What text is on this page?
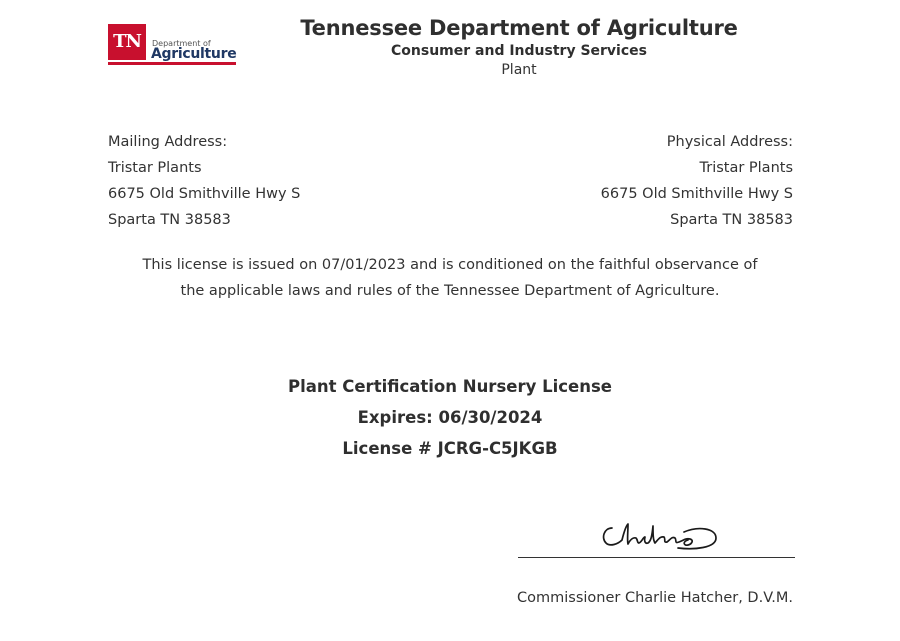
TN	Department of
Agriculture
Tennessee Department of Agriculture
Consumer and Industry Services
Plant
Mailing Address:
Tristar Plants
6675 Old Smithville Hwy S
Sparta TN 38583
Physical Address:
Tristar Plants
6675 Old Smithville Hwy S
Sparta TN 38583
This license is issued on 07/01/2023 and is conditioned on the faithful observance of
the applicable laws and rules of the Tennessee Department of Agriculture.
Plant Certification Nursery License
Expires: 06/30/2024
License # JCRG-C5JKGB
Commissioner Charlie Hatcher, D.V.M.
